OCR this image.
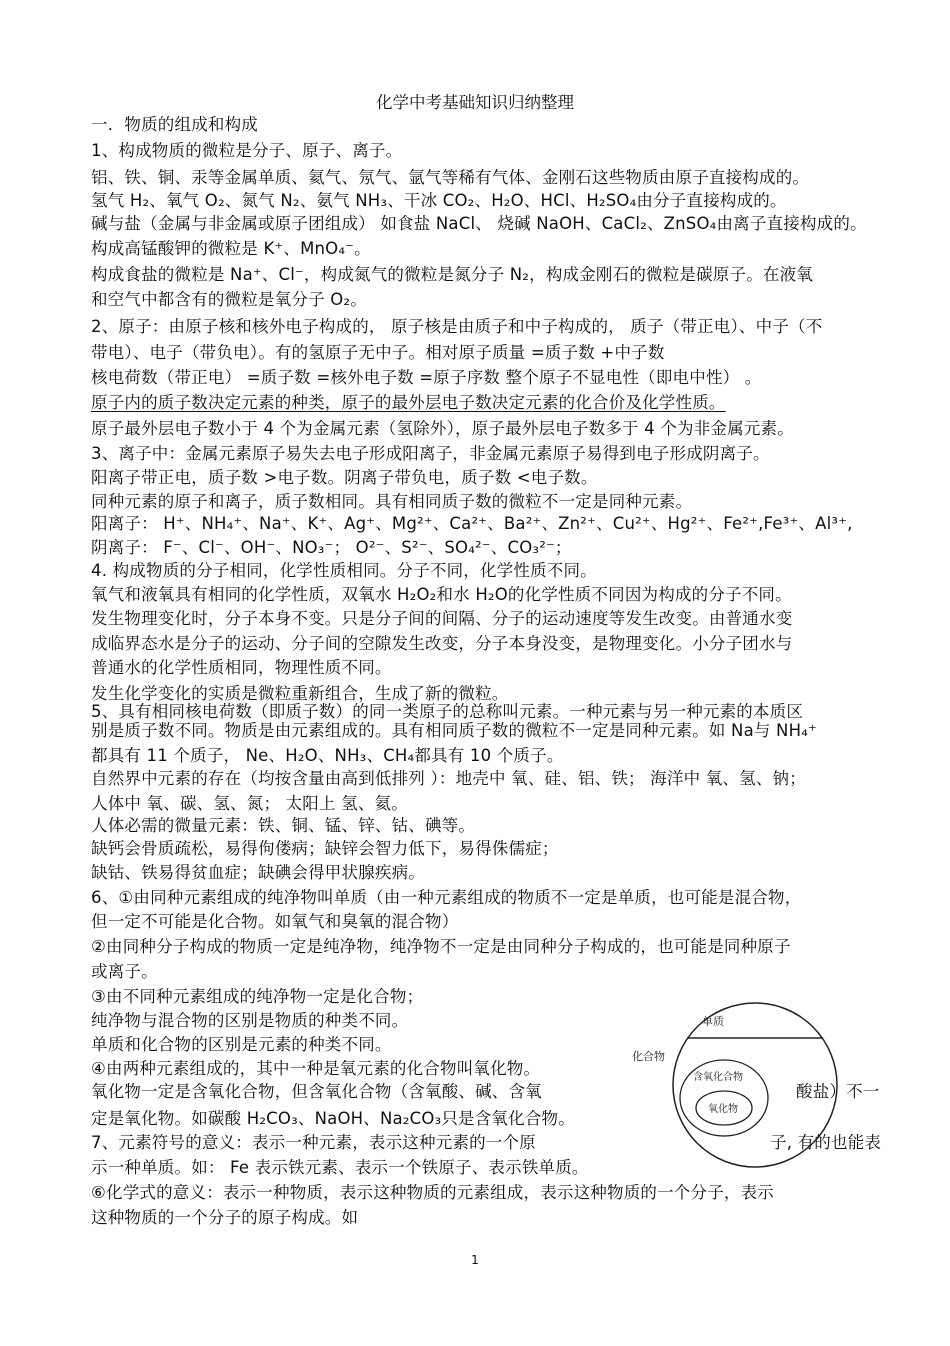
化学中考基础知识归纳整理
一．物质的组成和构成
1、构成物质的微粒是分子、原子、离子。
铝、铁、铜、汞等金属单质、氦气、氖气、氩气等稀有气体、金刚石这些物质由原子直接构成的。
氢气 H₂、氧气 O₂、氮气 N₂、氨气 NH₃、干冰 CO₂、H₂O、HCl、H₂SO₄由分子直接构成的。
碱与盐（金属与非金属或原子团组成） 如食盐 NaCl、 烧碱 NaOH、CaCl₂、ZnSO₄由离子直接构成的。
构成高锰酸钾的微粒是 K⁺、MnO₄⁻。
构成食盐的微粒是 Na⁺、Cl⁻，构成氮气的微粒是氮分子 N₂，构成金刚石的微粒是碳原子。在液氧
和空气中都含有的微粒是氧分子 O₂。
2、原子：由原子核和核外电子构成的， 原子核是由质子和中子构成的， 质子（带正电）、中子（不
带电）、电子（带负电）。有的氢原子无中子。相对原子质量 =质子数 +中子数
核电荷数（带正电） =质子数 =核外电子数 =原子序数 整个原子不显电性（即电中性） 。
原子内的质子数决定元素的种类，原子的最外层电子数决定元素的化合价及化学性质。
原子最外层电子数小于 4 个为金属元素（氢除外），原子最外层电子数多于 4 个为非金属元素。
3、离子中：金属元素原子易失去电子形成阳离子，非金属元素原子易得到电子形成阴离子。
阳离子带正电，质子数 >电子数。阴离子带负电，质子数 <电子数。
同种元素的原子和离子，质子数相同。具有相同质子数的微粒不一定是同种元素。
阳离子： H⁺、NH₄⁺、Na⁺、K⁺、Ag⁺、Mg²⁺、Ca²⁺、Ba²⁺、Zn²⁺、Cu²⁺、Hg²⁺、Fe²⁺,Fe³⁺、Al³⁺,
阴离子： F⁻、Cl⁻、OH⁻、NO₃⁻； O²⁻、S²⁻、SO₄²⁻、CO₃²⁻；
4. 构成物质的分子相同，化学性质相同。分子不同，化学性质不同。
氧气和液氧具有相同的化学性质，双氧水 H₂O₂和水 H₂O的化学性质不同因为构成的分子不同。
发生物理变化时，分子本身不变。只是分子间的间隔、分子的运动速度等发生改变。由普通水变
成临界态水是分子的运动、分子间的空隙发生改变，分子本身没变，是物理变化。小分子团水与
普通水的化学性质相同，物理性质不同。
发生化学变化的实质是微粒重新组合，生成了新的微粒。
5、具有相同核电荷数（即质子数）的同一类原子的总称叫元素。一种元素与另一种元素的本质区
别是质子数不同。物质是由元素组成的。具有相同质子数的微粒不一定是同种元素。如 Na与 NH₄⁺
都具有 11 个质子， Ne、H₂O、NH₃、CH₄都具有 10 个质子。
自然界中元素的存在（均按含量由高到低排列 ）：地壳中 氧、硅、铝、铁； 海洋中 氧、氢、钠；
人体中 氧、碳、氢、氮； 太阳上 氢、氦。
人体必需的微量元素：铁、铜、锰、锌、钴、碘等。
缺钙会骨质疏松，易得佝偻病；缺锌会智力低下，易得侏儒症；
缺钴、铁易得贫血症；缺碘会得甲状腺疾病。
6、①由同种元素组成的纯净物叫单质（由一种元素组成的物质不一定是单质，也可能是混合物，
但一定不可能是化合物。如氧气和臭氧的混合物）
②由同种分子构成的物质一定是纯净物，纯净物不一定是由同种分子构成的，也可能是同种原子
或离子。
③由不同种元素组成的纯净物一定是化合物；
纯净物与混合物的区别是物质的种类不同。
单质和化合物的区别是元素的种类不同。
④由两种元素组成的，其中一种是氧元素的化合物叫氧化物。
氧化物一定是含氧化合物，但含氧化合物（含氧酸、碱、含氧
定是氧化物。如碳酸 H₂CO₃、NaOH、Na₂CO₃只是含氧化合物。
7、元素符号的意义：表示一种元素，表示这种元素的一个原
示一种单质。如： Fe 表示铁元素、表示一个铁原子、表示铁单质。
⑥化学式的意义：表示一种物质，表示这种物质的元素组成，表示这种物质的一个分子，表示
这种物质的一个分子的原子构成。如
酸盐）不一
子, 有的也能表
单质
化合物
含氧化合物
氧化物
1
